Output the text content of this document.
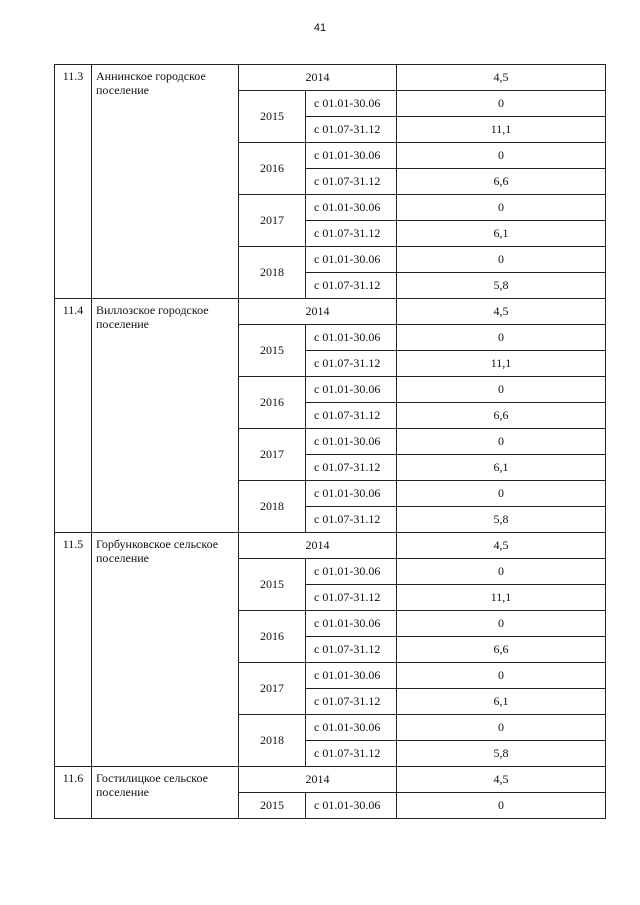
41
11.3	Аннинское городское поселение	2014		4,5
		2015	с 01.01-30.06	0
			с 01.07-31.12	11,1
		2016	с 01.01-30.06	0
			с 01.07-31.12	6,6
		2017	с 01.01-30.06	0
			с 01.07-31.12	6,1
		2018	с 01.01-30.06	0
			с 01.07-31.12	5,8
11.4	Виллозское городское поселение	2014		4,5
		2015	с 01.01-30.06	0
			с 01.07-31.12	11,1
		2016	с 01.01-30.06	0
			с 01.07-31.12	6,6
		2017	с 01.01-30.06	0
			с 01.07-31.12	6,1
		2018	с 01.01-30.06	0
			с 01.07-31.12	5,8
11.5	Горбунковское сельское поселение	2014		4,5
		2015	с 01.01-30.06	0
			с 01.07-31.12	11,1
		2016	с 01.01-30.06	0
			с 01.07-31.12	6,6
		2017	с 01.01-30.06	0
			с 01.07-31.12	6,1
		2018	с 01.01-30.06	0
			с 01.07-31.12	5,8
11.6	Гостилицкое сельское поселение	2014		4,5
		2015	с 01.01-30.06	0
